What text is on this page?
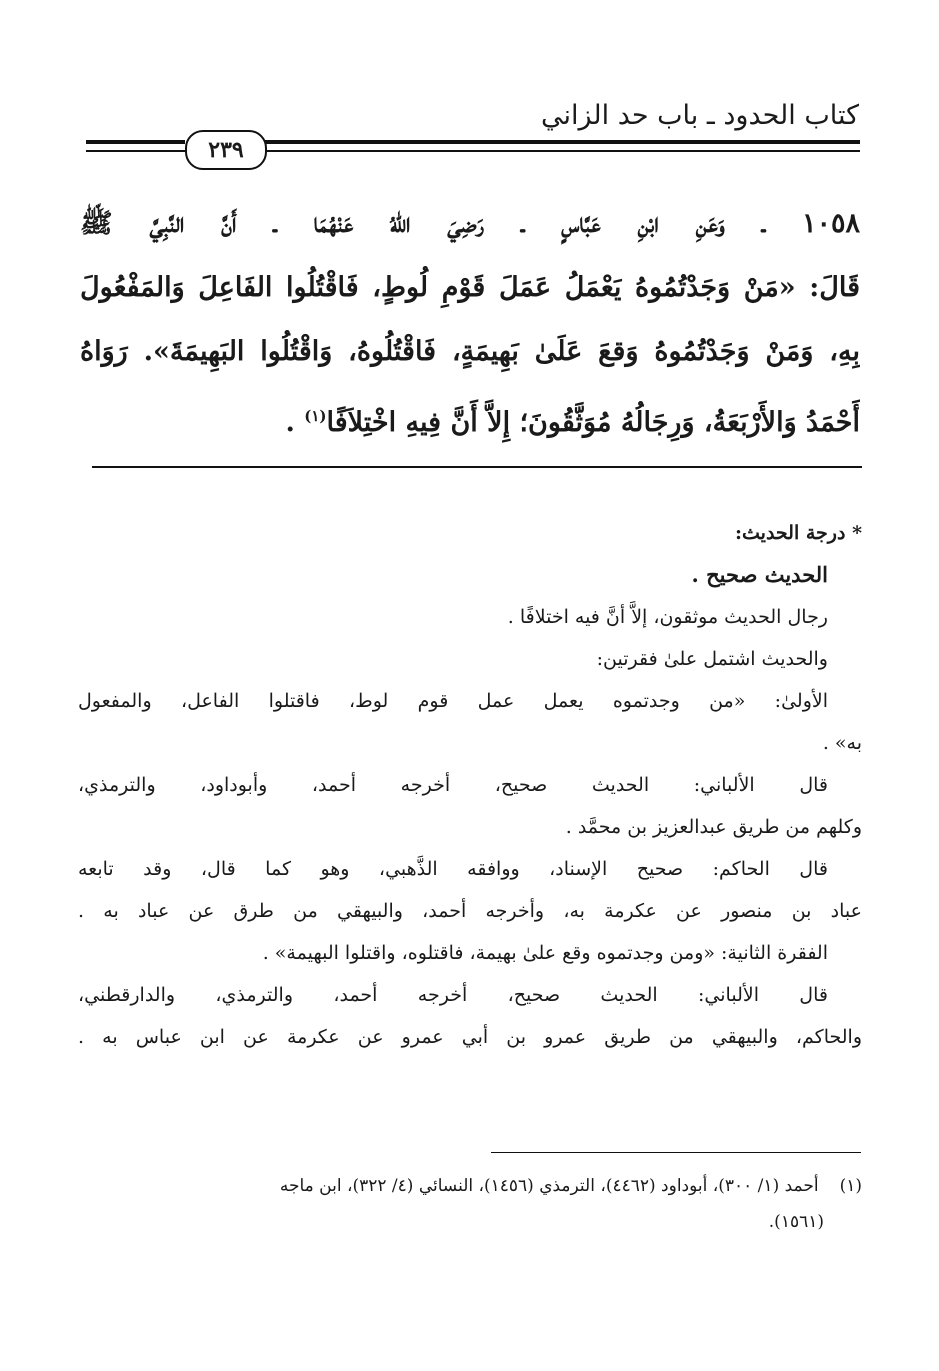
كتاب الحدود ـ باب حد الزاني
٢٣٩
١٠٥٨ ـ وَعَنِ ابْنِ عَبَّاسٍ ـ رَضِيَ اللهُ عَنْهُمَا ـ أَنَّ النَّبِيَّ ﷺ
قَالَ: «مَنْ وَجَدْتُمُوهُ يَعْمَلُ عَمَلَ قَوْمِ لُوطٍ، فَاقْتُلُوا الفَاعِلَ وَالمَفْعُولَ
بِهِ، وَمَنْ وَجَدْتُمُوهُ وَقعَ عَلَىٰ بَهِيمَةٍ، فَاقْتُلُوهُ، وَاقْتُلُوا البَهِيمَةَ». رَوَاهُ
أَحْمَدُ وَالأَرْبَعَةُ، وَرِجَالُهُ مُوَثَّقُونَ؛ إِلاَّ أَنَّ فِيهِ اخْتِلاَفًا$^{(١)}$ .
* درجة الحديث:
الحديث صحيح .
رجال الحديث موثقون، إلاَّ أنَّ فيه اختلافًا .
والحديث اشتمل علىٰ فقرتين:
الأولىٰ: «من وجدتموه يعمل عمل قوم لوط، فاقتلوا الفاعل، والمفعول
به» .
قال الألباني: الحديث صحيح، أخرجه أحمد، وأبوداود، والترمذي،
وكلهم من طريق عبدالعزيز بن محمَّد .
قال الحاكم: صحيح الإسناد، ووافقه الذَّهبي، وهو كما قال، وقد تابعه
عباد بن منصور عن عكرمة به، وأخرجه أحمد، والبيهقي من طرق عن عباد به .
الفقرة الثانية: «ومن وجدتموه وقع علىٰ بهيمة، فاقتلوه، واقتلوا البهيمة» .
قال الألباني: الحديث صحيح، أخرجه أحمد، والترمذي، والدارقطني،
والحاكم، والبيهقي من طريق عمرو بن أبي عمرو عن عكرمة عن ابن عباس به .
(١) أحمد (١/ ٣٠٠)، أبوداود (٤٤٦٢)، الترمذي (١٤٥٦)، النسائي (٤/ ٣٢٢)، ابن ماجه
(١٥٦١).
